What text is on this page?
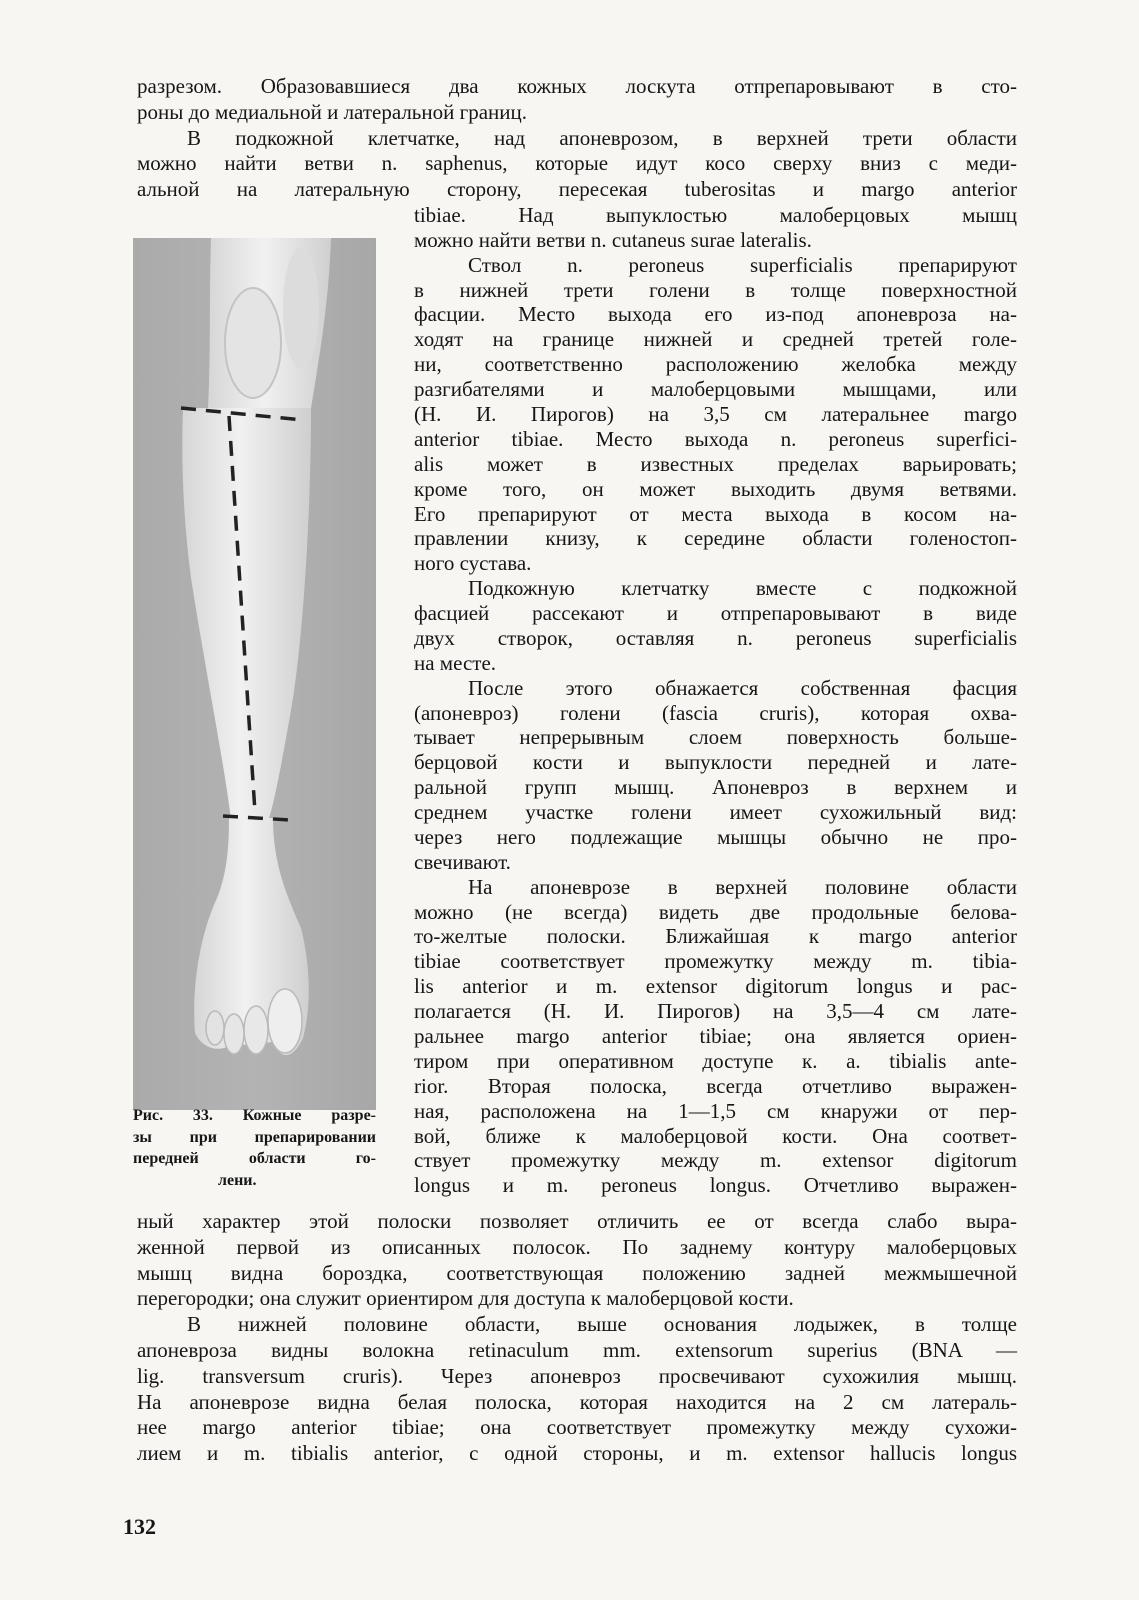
разрезом. Образовавшиеся два кожных лоскута отпрепаровывают в сто-
роны до медиальной и латеральной границ.
В подкожной клетчатке, над апоневрозом, в верхней трети области
можно найти ветви n. saphenus, которые идут косо сверху вниз с меди-
альной на латеральную сторону, пересекая tuberositas и margo anterior
Рис. 33. Кожные разре-
зы при препарировании
передней области го-
лени.
tibiae. Над выпуклостью малоберцовых мышц
можно найти ветви n. cutaneus surae lateralis.
Ствол n. peroneus superficialis препарируют
в нижней трети голени в толще поверхностной
фасции. Место выхода его из-под апоневроза на-
ходят на границе нижней и средней третей голе-
ни, соответственно расположению желобка между
разгибателями и малоберцовыми мышцами, или
(Н. И. Пирогов) на 3,5 см латеральнее margo
anterior tibiae. Место выхода n. peroneus superfici-
alis может в известных пределах варьировать;
кроме того, он может выходить двумя ветвями.
Его препарируют от места выхода в косом на-
правлении книзу, к середине области голеностоп-
ного сустава.
Подкожную клетчатку вместе с подкожной
фасцией рассекают и отпрепаровывают в виде
двух створок, оставляя n. peroneus superficialis
на месте.
После этого обнажается собственная фасция
(апоневроз) голени (fascia cruris), которая охва-
тывает непрерывным слоем поверхность больше-
берцовой кости и выпуклости передней и лате-
ральной групп мышц. Апоневроз в верхнем и
среднем участке голени имеет сухожильный вид:
через него подлежащие мышцы обычно не про-
свечивают.
На апоневрозе в верхней половине области
можно (не всегда) видеть две продольные белова-
то-желтые полоски. Ближайшая к margo anterior
tibiae соответствует промежутку между m. tibia-
lis anterior и m. extensor digitorum longus и рас-
полагается (Н. И. Пирогов) на 3,5—4 см лате-
ральнее margo anterior tibiae; она является ориен-
тиром при оперативном доступе к. a. tibialis ante-
rior. Вторая полоска, всегда отчетливо выражен-
ная, расположена на 1—1,5 см кнаружи от пер-
вой, ближе к малоберцовой кости. Она соответ-
ствует промежутку между m. extensor digitorum
longus и m. peroneus longus. Отчетливо выражен-
ный характер этой полоски позволяет отличить ее от всегда слабо выра-
женной первой из описанных полосок. По заднему контуру малоберцовых
мышц видна бороздка, соответствующая положению задней межмышечной
перегородки; она служит ориентиром для доступа к малоберцовой кости.
В нижней половине области, выше основания лодыжек, в толще
апоневроза видны волокна retinaculum mm. extensorum superius (BNA —
lig. transversum cruris). Через апоневроз просвечивают сухожилия мышц.
На апоневрозе видна белая полоска, которая находится на 2 см латераль-
нее margo anterior tibiae; она соответствует промежутку между сухожи-
лием и m. tibialis anterior, с одной стороны, и m. extensor hallucis longus
132
